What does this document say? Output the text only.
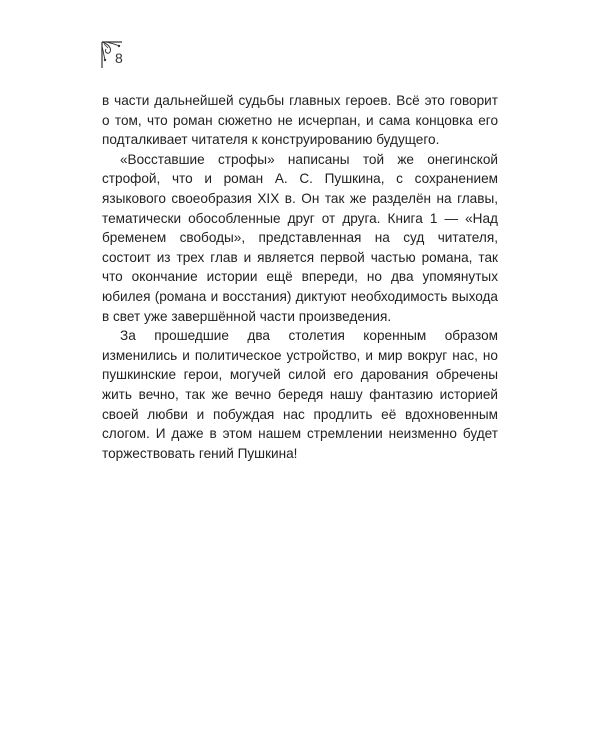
8

в части дальнейшей судьбы главных героев. Всё это говорит о том, что роман сюжетно не исчерпан, и сама концовка его подталкивает читателя к конструированию будущего.

«Восставшие строфы» написаны той же онегинской строфой, что и роман А. С. Пушкина, с сохранением языкового своеобразия XIX в. Он так же разделён на главы, тематически обособленные друг от друга. Книга 1 — «Над бременем свободы», представленная на суд читателя, состоит из трех глав и является первой частью романа, так что окончание истории ещё впереди, но два упомянутых юбилея (романа и восстания) диктуют необходимость выхода в свет уже завершённой части произведения.

За прошедшие два столетия коренным образом изменились и политическое устройство, и мир вокруг нас, но пушкинские герои, могучей силой его дарования обречены жить вечно, так же вечно бередя нашу фантазию историей своей любви и побуждая нас продлить её вдохновенным слогом. И даже в этом нашем стремлении неизменно будет торжествовать гений Пушкина!
